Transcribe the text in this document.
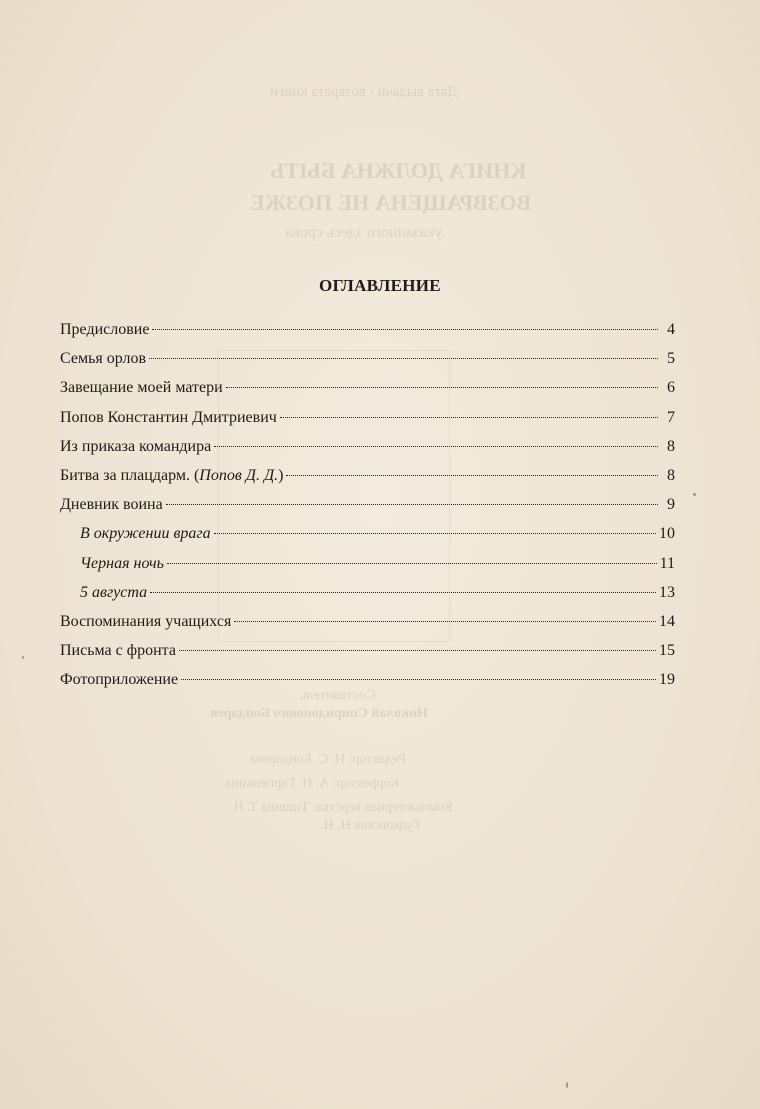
Дата выдачи / возврата книги
КНИГА ДОЛЖНА БЫТЬ
ВОЗВРАЩЕНА НЕ ПОЗЖЕ
указанного здесь срока
Составитель
Николай Спиридонович Бондарев
Редактор: Н. С. Бондарева
Корректор: А. Н. Гарпенкина
Компьютерная верстка: Тишина Т. Н.
Гудковская Н. Н.
ОГЛАВЛЕНИЕ
Предисловие	4
Семья орлов	5
Завещание моей матери	6
Попов Константин Дмитриевич	7
Из приказа командира	8
Битва за плацдарм. (Попов Д. Д.)	8
Дневник воина	9
В окружении врага	10
Черная ночь	11
5 августа	13
Воспоминания учащихся	14
Письма с фронта	15
Фотоприложение	19
